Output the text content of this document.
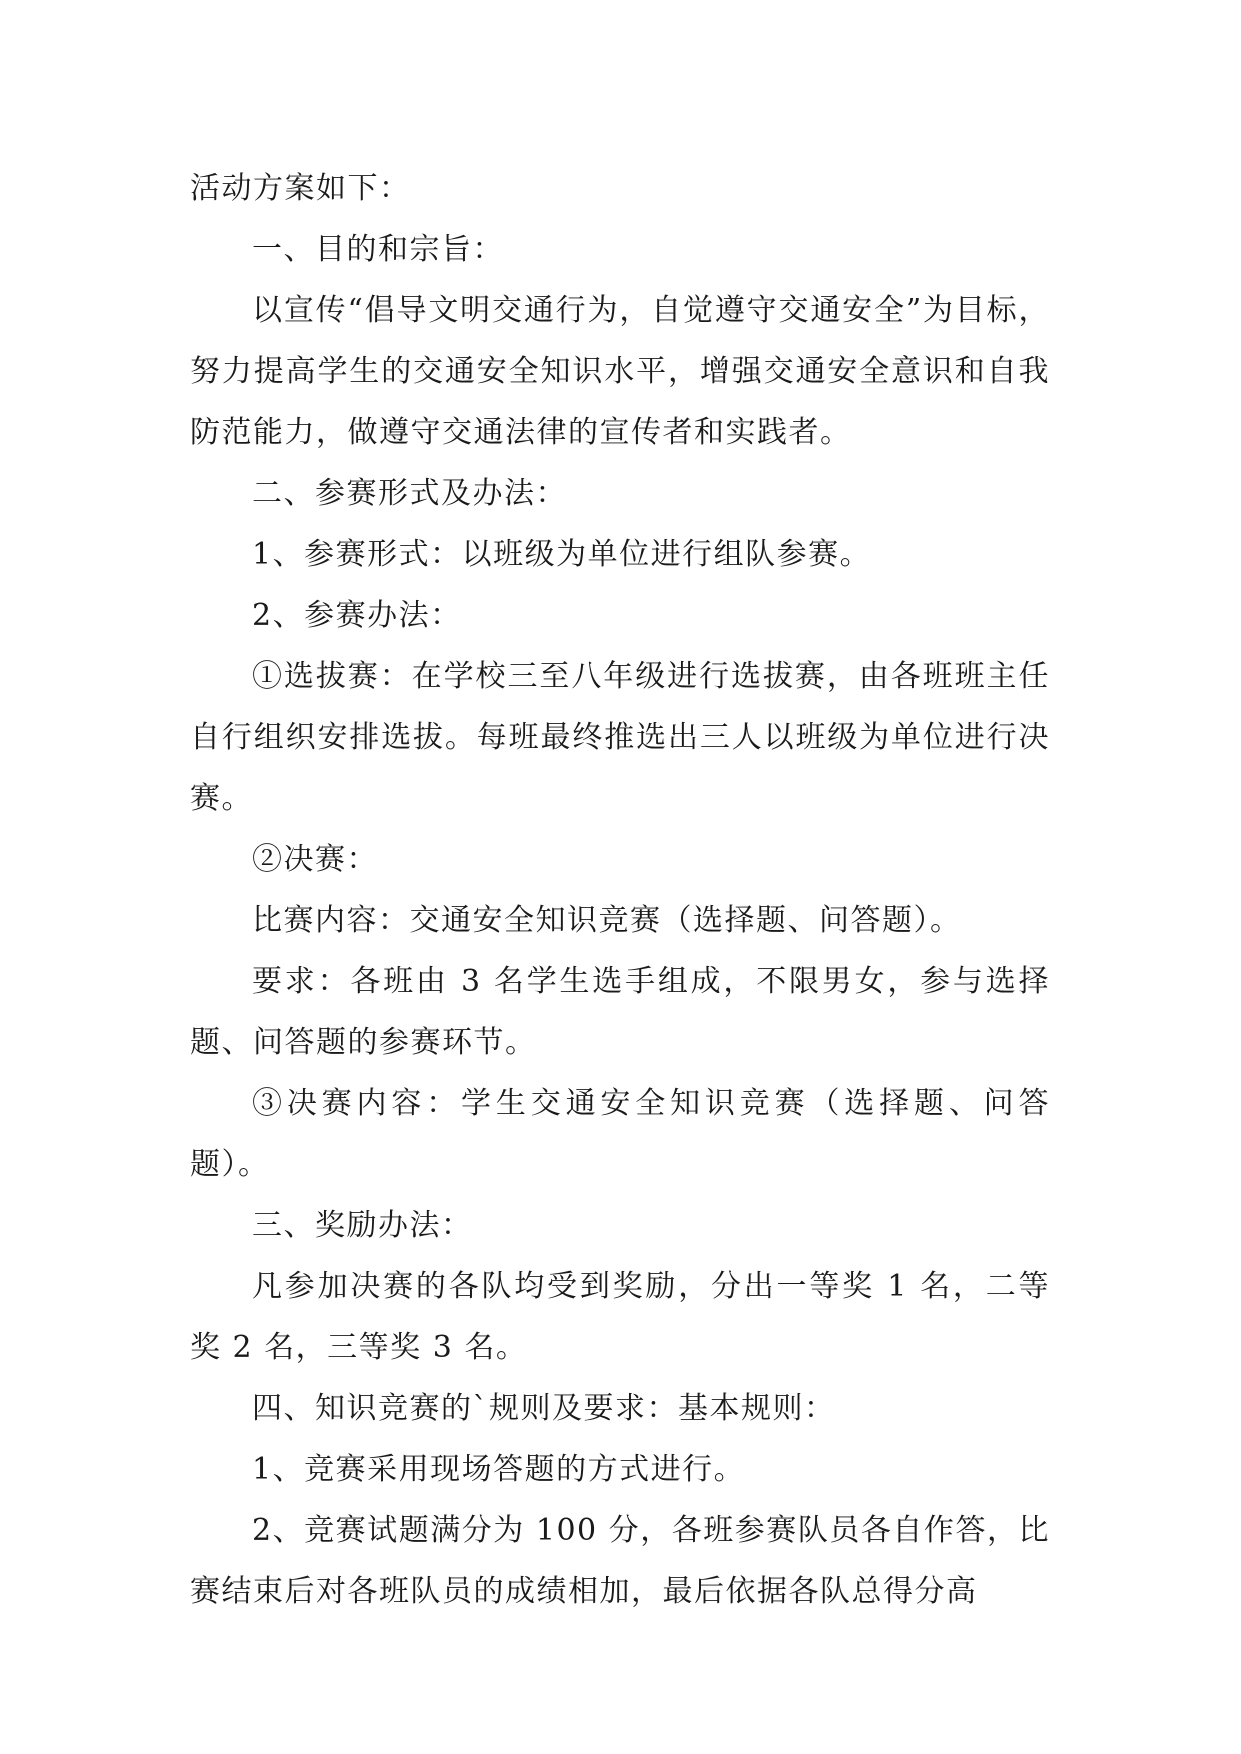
活动方案如下：

一、目的和宗旨：

以宣传“倡导文明交通行为，自觉遵守交通安全”为目标，努力提高学生的交通安全知识水平，增强交通安全意识和自我防范能力，做遵守交通法律的宣传者和实践者。

二、参赛形式及办法：

1、参赛形式：以班级为单位进行组队参赛。

2、参赛办法：

①选拔赛：在学校三至八年级进行选拔赛，由各班班主任自行组织安排选拔。每班最终推选出三人以班级为单位进行决赛。

②决赛：

比赛内容：交通安全知识竞赛（选择题、问答题）。

要求：各班由 3 名学生选手组成，不限男女，参与选择题、问答题的参赛环节。

③决赛内容：学生交通安全知识竞赛（选择题、问答题）。

三、奖励办法：

凡参加决赛的各队均受到奖励，分出一等奖 1 名，二等奖 2 名，三等奖 3 名。

四、知识竞赛的`规则及要求：基本规则：

1、竞赛采用现场答题的方式进行。

2、竞赛试题满分为 100 分，各班参赛队员各自作答，比赛结束后对各班队员的成绩相加，最后依据各队总得分高
